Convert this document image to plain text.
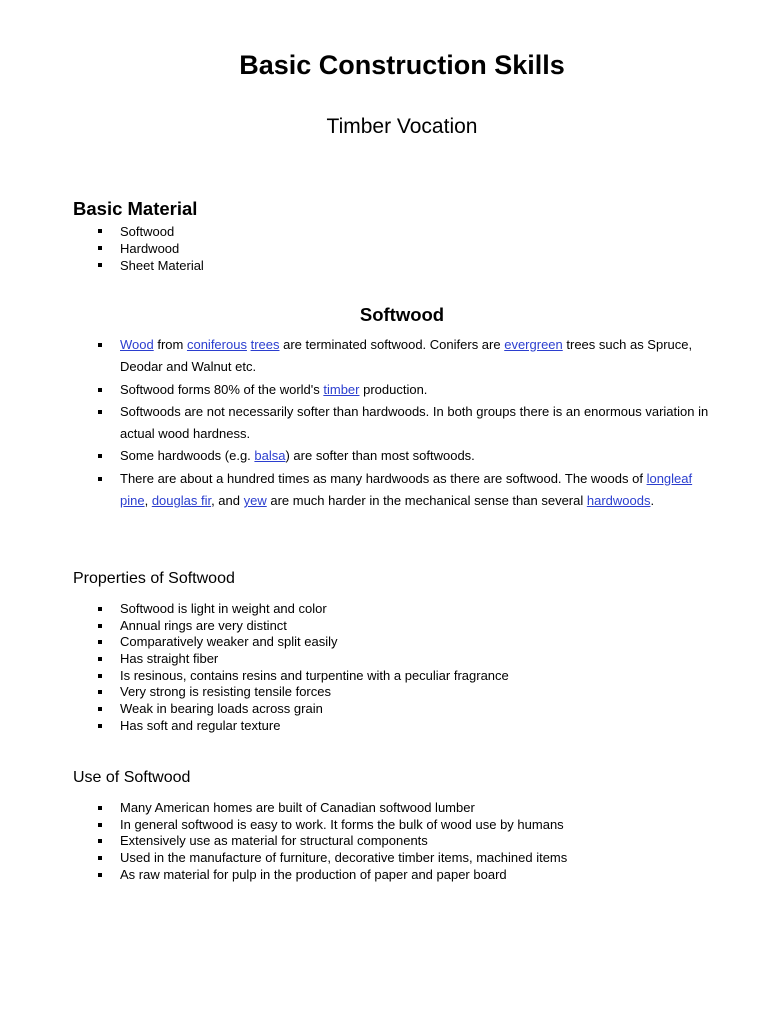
Basic Construction Skills
Timber Vocation
Basic Material
Softwood
Hardwood
Sheet Material
Softwood
Wood from coniferous trees are terminated softwood. Conifers are evergreen trees such as Spruce, Deodar and Walnut etc.
Softwood forms 80% of the world's timber production.
Softwoods are not necessarily softer than hardwoods. In both groups there is an enormous variation in actual wood hardness.
Some hardwoods (e.g. balsa) are softer than most softwoods.
There are about a hundred times as many hardwoods as there are softwood. The woods of longleaf pine, douglas fir, and yew are much harder in the mechanical sense than several hardwoods.
Properties of Softwood
Softwood is light in weight and color
Annual rings are very distinct
Comparatively weaker and split easily
Has straight fiber
Is resinous, contains resins and turpentine with a peculiar fragrance
Very strong is resisting tensile forces
Weak in bearing loads across grain
Has soft and regular texture
Use of Softwood
Many American homes are built of Canadian softwood lumber
In general softwood is easy to work. It forms the bulk of wood use by humans
Extensively use as material for structural components
Used in the manufacture of furniture, decorative timber items, machined items
As raw material for pulp in the production of paper and paper board
